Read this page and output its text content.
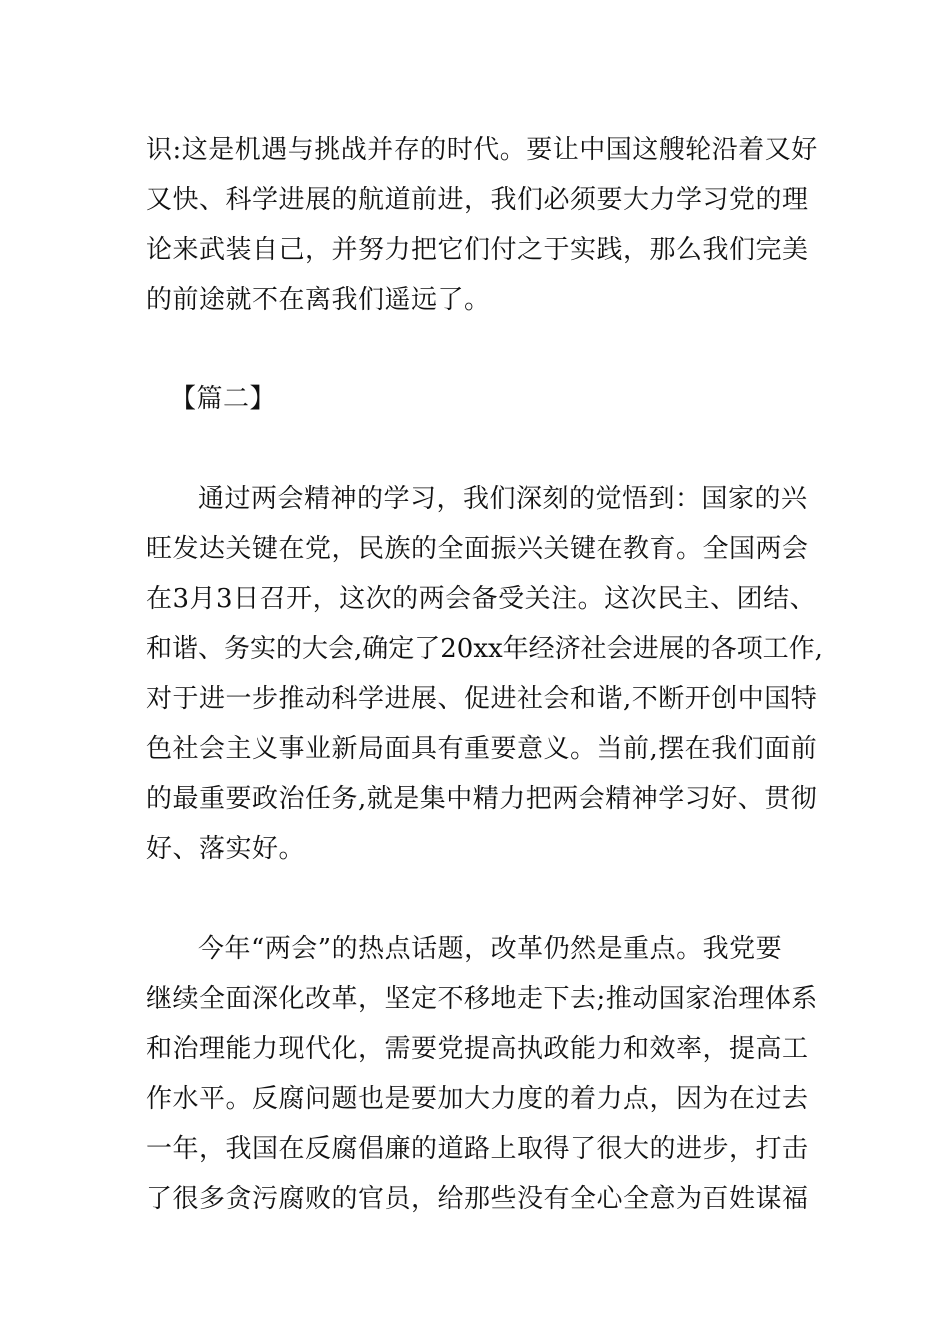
识:这是机遇与挑战并存的时代。要让中国这艘轮沿着又好
又快、科学进展的航道前进，我们必须要大力学习党的理
论来武装自己，并努力把它们付之于实践，那么我们完美
的前途就不在离我们遥远了。
【篇二】
通过两会精神的学习，我们深刻的觉悟到：国家的兴
旺发达关键在党，民族的全面振兴关键在教育。全国两会
在3月3日召开，这次的两会备受关注。这次民主、团结、
和谐、务实的大会,确定了20xx年经济社会进展的各项工作,
对于进一步推动科学进展、促进社会和谐,不断开创中国特
色社会主义事业新局面具有重要意义。当前,摆在我们面前
的最重要政治任务,就是集中精力把两会精神学习好、贯彻
好、落实好。
今年“两会”的热点话题，改革仍然是重点。我党要
继续全面深化改革，坚定不移地走下去;推动国家治理体系
和治理能力现代化，需要党提高执政能力和效率，提高工
作水平。反腐问题也是要加大力度的着力点，因为在过去
一年，我国在反腐倡廉的道路上取得了很大的进步，打击
了很多贪污腐败的官员，给那些没有全心全意为百姓谋福
